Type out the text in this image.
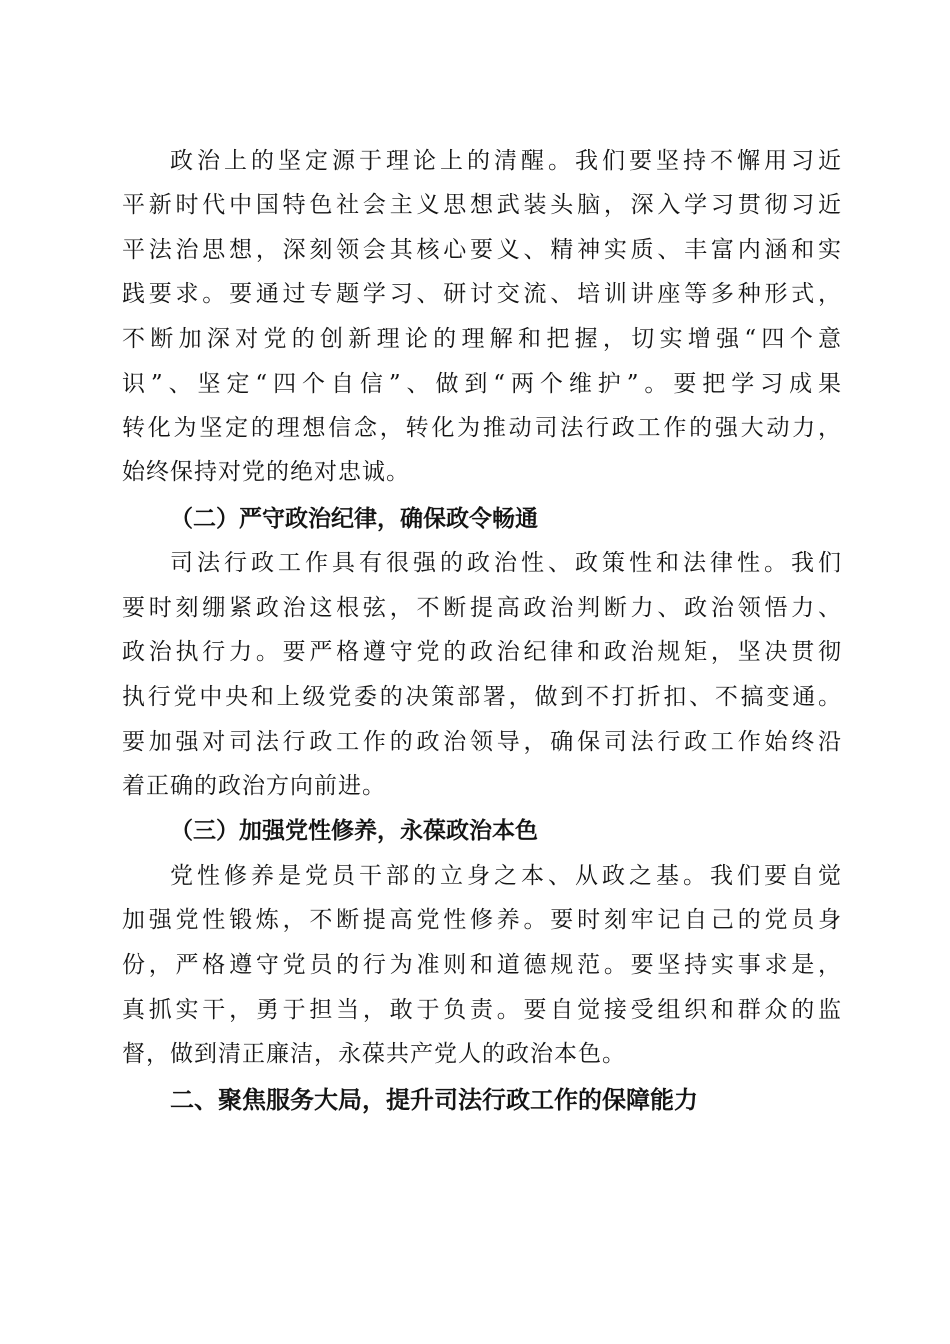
政治上的坚定源于理论上的清醒。我们要坚持不懈用习近
平新时代中国特色社会主义思想武装头脑，深入学习贯彻习近
平法治思想，深刻领会其核心要义、精神实质、丰富内涵和实
践要求。要通过专题学习、研讨交流、培训讲座等多种形式，
不断加深对党的创新理论的理解和把握，切实增强“四个意
识”、坚定“四个自信”、做到“两个维护”。要把学习成果
转化为坚定的理想信念，转化为推动司法行政工作的强大动力，
始终保持对党的绝对忠诚。
（二）严守政治纪律，确保政令畅通
司法行政工作具有很强的政治性、政策性和法律性。我们
要时刻绷紧政治这根弦，不断提高政治判断力、政治领悟力、
政治执行力。要严格遵守党的政治纪律和政治规矩，坚决贯彻
执行党中央和上级党委的决策部署，做到不打折扣、不搞变通。
要加强对司法行政工作的政治领导，确保司法行政工作始终沿
着正确的政治方向前进。
（三）加强党性修养，永葆政治本色
党性修养是党员干部的立身之本、从政之基。我们要自觉
加强党性锻炼，不断提高党性修养。要时刻牢记自己的党员身
份，严格遵守党员的行为准则和道德规范。要坚持实事求是，
真抓实干，勇于担当，敢于负责。要自觉接受组织和群众的监
督，做到清正廉洁，永葆共产党人的政治本色。
二、聚焦服务大局，提升司法行政工作的保障能力
